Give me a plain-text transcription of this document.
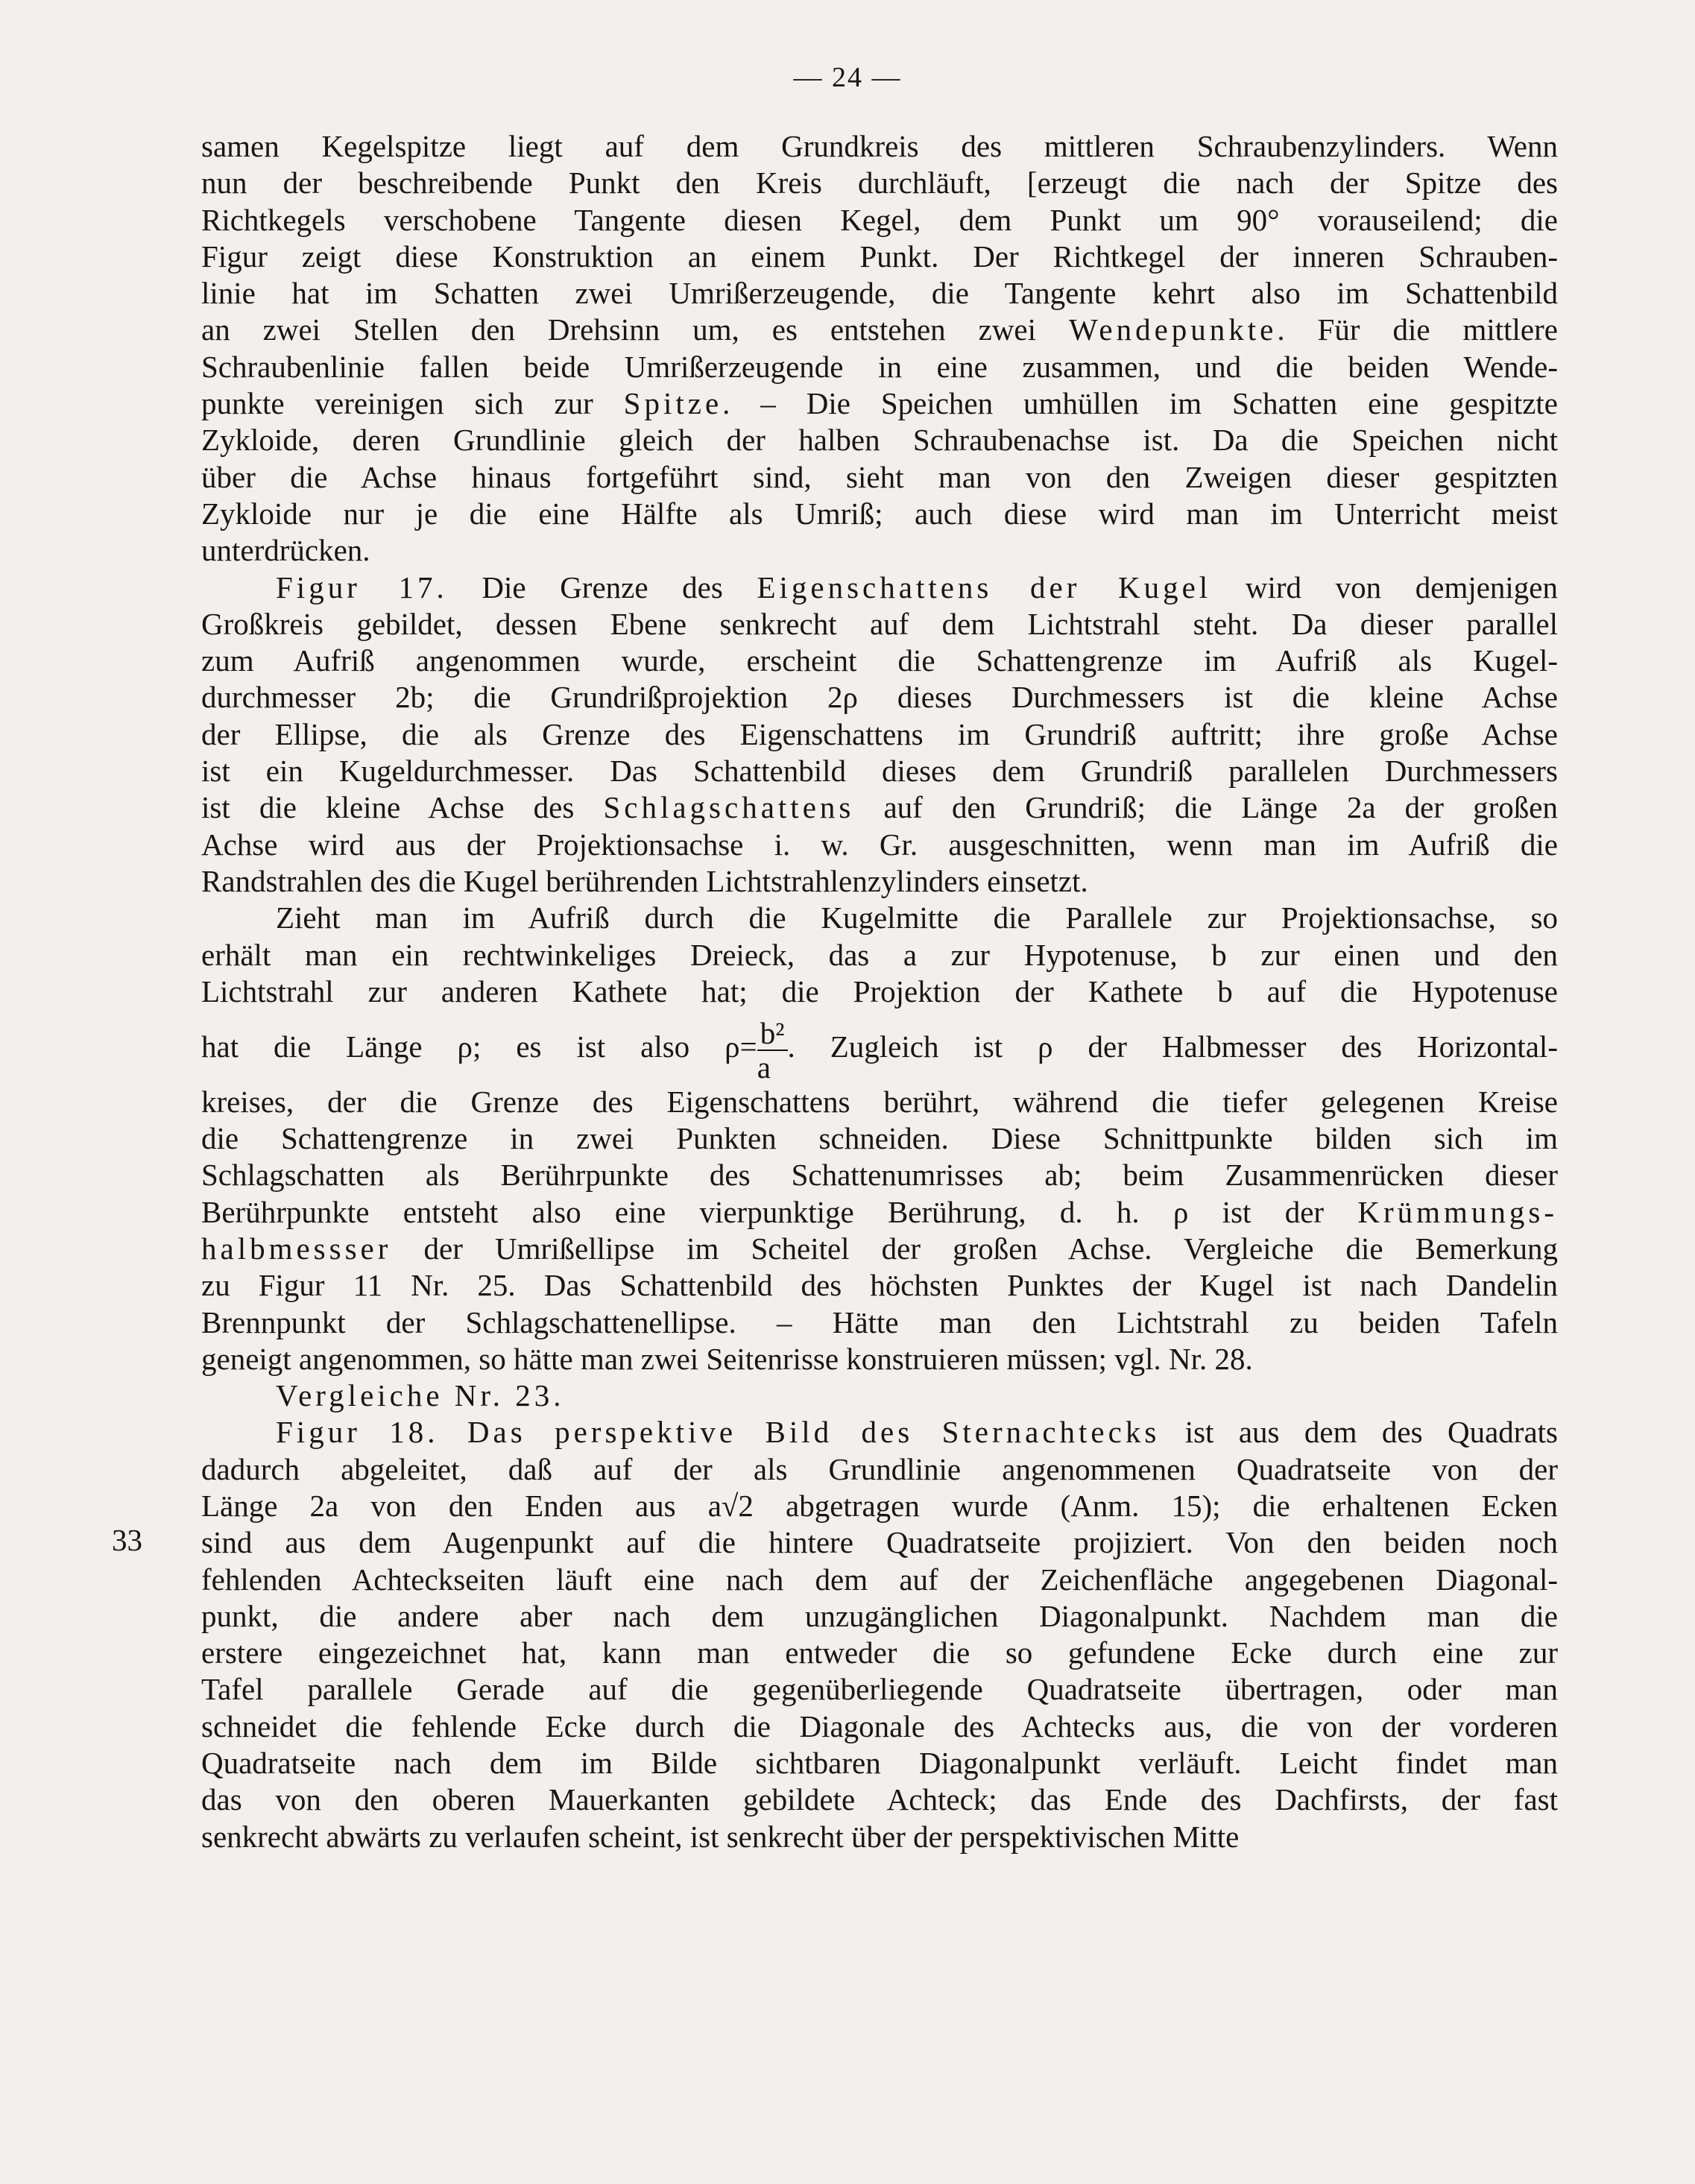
— 24 —
33

samen Kegelspitze liegt auf dem Grundkreis des mittleren Schraubenzylinders. Wenn

nun der beschreibende Punkt den Kreis durchläuft, [erzeugt die nach der Spitze des

Richtkegels verschobene Tangente diesen Kegel, dem Punkt um 90° vorauseilend; die

Figur zeigt diese Konstruktion an einem Punkt. Der Richtkegel der inneren Schrauben-

linie hat im Schatten zwei Umrißerzeugende, die Tangente kehrt also im Schattenbild

an zwei Stellen den Drehsinn um, es entstehen zwei Wendepunkte. Für die mittlere

Schraubenlinie fallen beide Umrißerzeugende in eine zusammen, und die beiden Wende-

punkte vereinigen sich zur Spitze. – Die Speichen umhüllen im Schatten eine gespitzte

Zykloide, deren Grundlinie gleich der halben Schraubenachse ist. Da die Speichen nicht

über die Achse hinaus fortgeführt sind, sieht man von den Zweigen dieser gespitzten

Zykloide nur je die eine Hälfte als Umriß; auch diese wird man im Unterricht meist

unterdrücken.

Figur 17. Die Grenze des Eigenschattens der Kugel wird von demjenigen

Großkreis gebildet, dessen Ebene senkrecht auf dem Lichtstrahl steht. Da dieser parallel

zum Aufriß angenommen wurde, erscheint die Schattengrenze im Aufriß als Kugel-

durchmesser 2b; die Grundrißprojektion 2ρ dieses Durchmessers ist die kleine Achse

der Ellipse, die als Grenze des Eigenschattens im Grundriß auftritt; ihre große Achse

ist ein Kugeldurchmesser. Das Schattenbild dieses dem Grundriß parallelen Durchmessers

ist die kleine Achse des Schlagschattens auf den Grundriß; die Länge 2a der großen

Achse wird aus der Projektionsachse i. w. Gr. ausgeschnitten, wenn man im Aufriß die

Randstrahlen des die Kugel berührenden Lichtstrahlenzylinders einsetzt.

Zieht man im Aufriß durch die Kugelmitte die Parallele zur Projektionsachse, so

erhält man ein rechtwinkeliges Dreieck, das a zur Hypotenuse, b zur einen und den

Lichtstrahl zur anderen Kathete hat; die Projektion der Kathete b auf die Hypotenuse

hat die Länge ρ; es ist also $\rho= \frac{\text{b²}}{a}$ . Zugleich ist ρ der Halbmesser des Horizontal-

kreises, der die Grenze des Eigenschattens berührt, während die tiefer gelegenen Kreise

die Schattengrenze in zwei Punkten schneiden. Diese Schnittpunkte bilden sich im

Schlagschatten als Berührpunkte des Schattenumrisses ab; beim Zusammenrücken dieser

Berührpunkte entsteht also eine vierpunktige Berührung, d. h. ρ ist der Krümmungs-

halbmessser der Umrißellipse im Scheitel der großen Achse. Vergleiche die Bemerkung

zu Figur 11 Nr. 25. Das Schattenbild des höchsten Punktes der Kugel ist nach Dandelin

Brennpunkt der Schlagschattenellipse. – Hätte man den Lichtstrahl zu beiden Tafeln

geneigt angenommen, so hätte man zwei Seitenrisse konstruieren müssen; vgl. Nr. 28.

Vergleiche Nr. 23.

Figur 18. Das perspektive Bild des Sternachtecks ist aus dem des Quadrats

dadurch abgeleitet, daß auf der als Grundlinie angenommenen Quadratseite von der

Länge 2a von den Enden aus a√2 abgetragen wurde (Anm. 15); die erhaltenen Ecken

sind aus dem Augenpunkt auf die hintere Quadratseite projiziert. Von den beiden noch

fehlenden Achteckseiten läuft eine nach dem auf der Zeichenfläche angegebenen Diagonal-

punkt, die andere aber nach dem unzugänglichen Diagonalpunkt. Nachdem man die

erstere eingezeichnet hat, kann man entweder die so gefundene Ecke durch eine zur

Tafel parallele Gerade auf die gegenüberliegende Quadratseite übertragen, oder man

schneidet die fehlende Ecke durch die Diagonale des Achtecks aus, die von der vorderen

Quadratseite nach dem im Bilde sichtbaren Diagonalpunkt verläuft. Leicht findet man

das von den oberen Mauerkanten gebildete Achteck; das Ende des Dachfirsts, der fast

senkrecht abwärts zu verlaufen scheint, ist senkrecht über der perspektivischen Mitte
